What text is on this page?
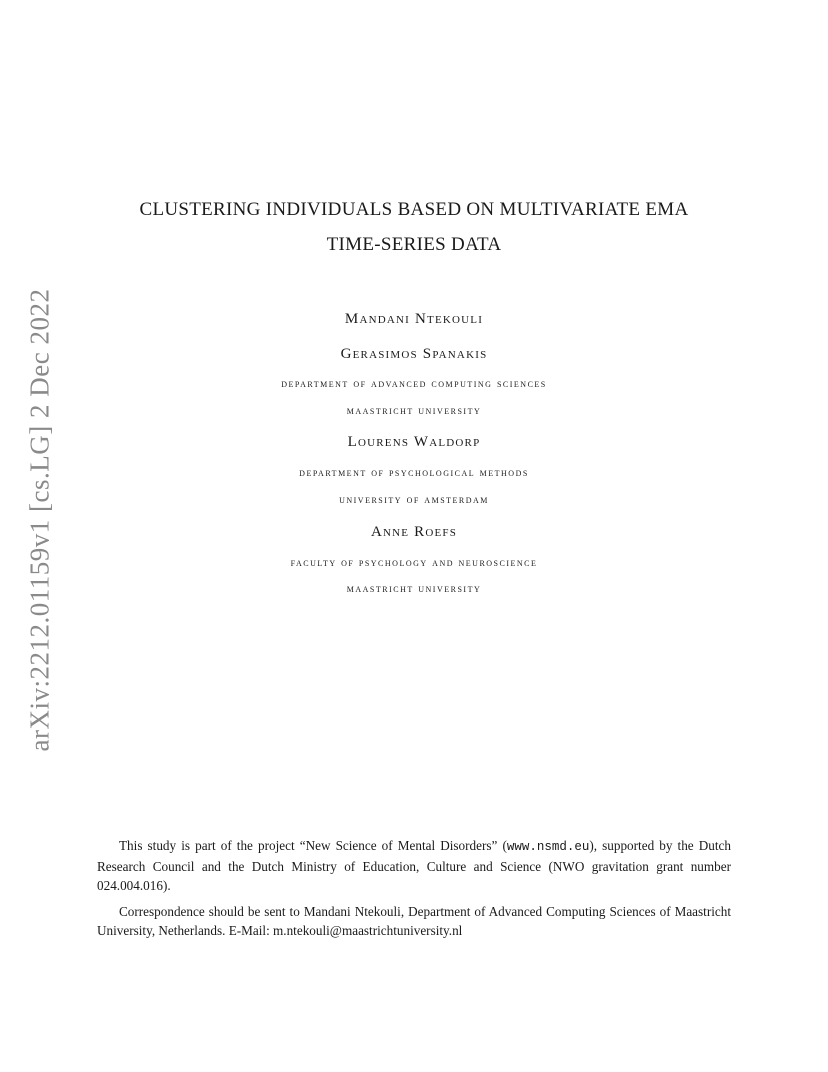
arXiv:2212.01159v1 [cs.LG] 2 Dec 2022
CLUSTERING INDIVIDUALS BASED ON MULTIVARIATE EMA
TIME-SERIES DATA
Mandani Ntekouli
Gerasimos Spanakis
department of advanced computing sciences
maastricht university
Lourens Waldorp
department of psychological methods
university of amsterdam
Anne Roefs
faculty of psychology and neuroscience
maastricht university

This study is part of the project “New Science of Mental Disorders” (www.nsmd.eu), supported by the Dutch Research Council and the Dutch Ministry of Education, Culture and Science (NWO gravitation grant number 024.004.016).

Correspondence should be sent to Mandani Ntekouli, Department of Advanced Computing Sciences of Maastricht University, Netherlands. E-Mail: m.ntekouli@maastrichtuniversity.nl
